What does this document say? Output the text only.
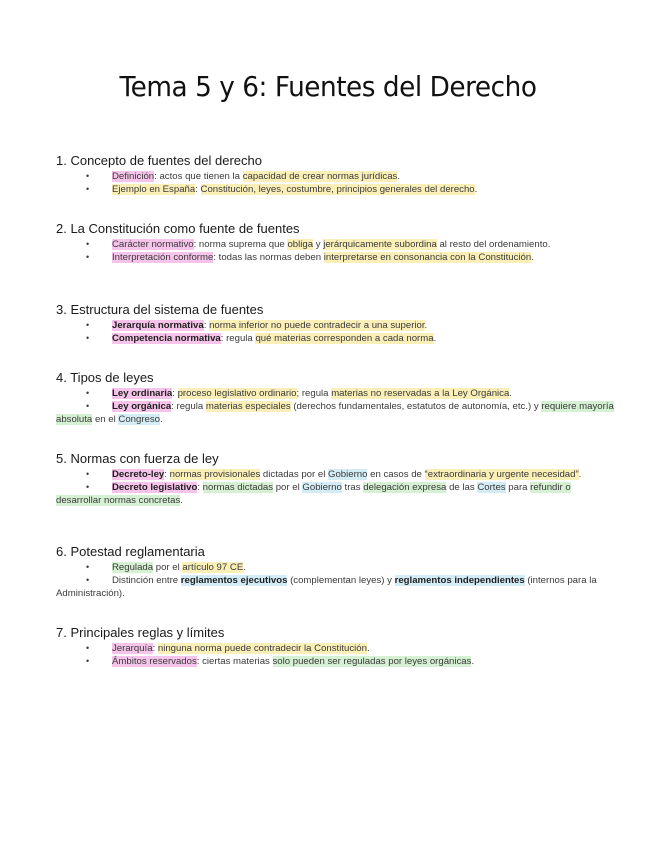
Tema 5 y 6: Fuentes del Derecho
1. Concepto de fuentes del derecho
• Definición: actos que tienen la capacidad de crear normas jurídicas.
• Ejemplo en España: Constitución, leyes, costumbre, principios generales del derecho.
2. La Constitución como fuente de fuentes
• Carácter normativo: norma suprema que obliga y jerárquicamente subordina al resto del ordenamiento.
• Interpretación conforme: todas las normas deben interpretarse en consonancia con la Constitución.
3. Estructura del sistema de fuentes
• Jerarquía normativa: norma inferior no puede contradecir a una superior.
• Competencia normativa: regula qué materias corresponden a cada norma.
4. Tipos de leyes
• Ley ordinaria: proceso legislativo ordinario; regula materias no reservadas a la Ley Orgánica.
• Ley orgánica: regula materias especiales (derechos fundamentales, estatutos de autonomía, etc.) y requiere mayoría absoluta en el Congreso.
5. Normas con fuerza de ley
• Decreto-ley: normas provisionales dictadas por el Gobierno en casos de “extraordinaria y urgente necesidad”.
• Decreto legislativo: normas dictadas por el Gobierno tras delegación expresa de las Cortes para refundir o desarrollar normas concretas.
6. Potestad reglamentaria
• Regulada por el artículo 97 CE.
• Distinción entre reglamentos ejecutivos (complementan leyes) y reglamentos independientes (internos para la Administración).
7. Principales reglas y límites
• Jerarquía: ninguna norma puede contradecir la Constitución.
• Ámbitos reservados: ciertas materias solo pueden ser reguladas por leyes orgánicas.
